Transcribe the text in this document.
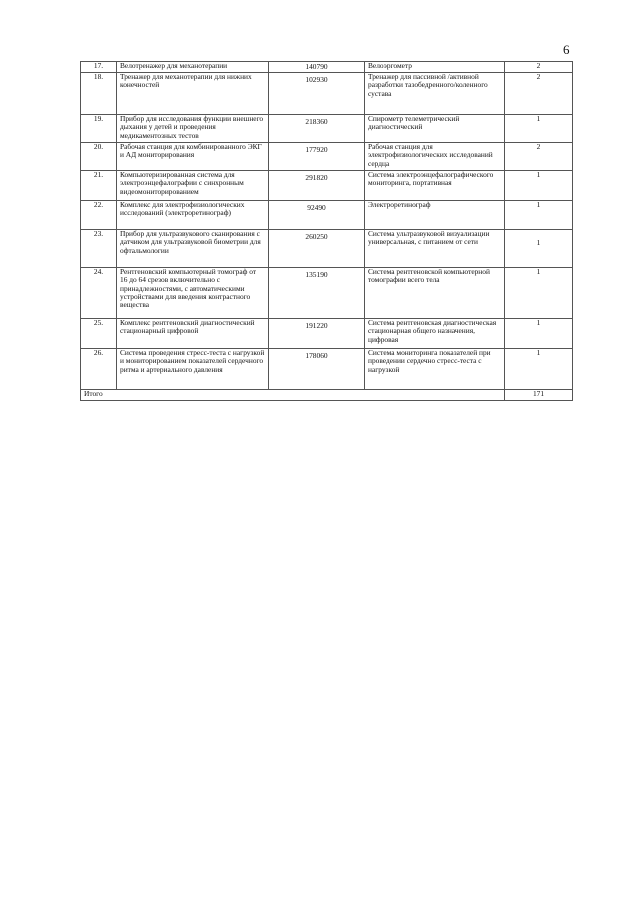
6
17.	Велотренажер для механотерапии	140790	Велоэргометр	2
18.	Тренажер для механотерапии для нижних конечностей	102930	Тренажер для пассивной /активной разработки тазобедренного/коленного сустава	2
19.	Прибор для исследования функции внешнего дыхания у детей и проведения медикаментозных тестов	218360	Спирометр телеметрический диагностический	1
20.	Рабочая станция для комбинированного ЭКГ и АД мониторирования	177920	Рабочая станция для электрофизиологических исследований сердца	2
21.	Компьютеризированная система для электроэнцефалографии с синхронным видеомониторированием	291820	Система электроэнцефалографического мониторинга, портативная	1
22.	Комплекс для электрофизиологических исследований (электроретинограф)	92490	Электроретинограф	1
23.	Прибор для ультразвукового сканирования с датчиком для ультразвуковой биометрии для офтальмологии	260250	Система ультразвуковой визуализации универсальная, с питанием от сети	1
24.	Рентгеновский компьютерный томограф от 16 до 64 срезов включительно с принадлежностями, с автоматическими устройствами для введения контрастного вещества	135190	Система рентгеновской компьютерной томографии всего тела	1
25.	Комплекс рентгеновский диагностический стационарный цифровой	191220	Система рентгеновская диагностическая стационарная общего назначения, цифровая	1
26.	Система проведения стресс-теста с нагрузкой и мониторированием показателей сердечного ритма и артериального давления	178060	Система мониторинга показателей при проведении сердечно стресс-теста с нагрузкой	1
Итого				171
